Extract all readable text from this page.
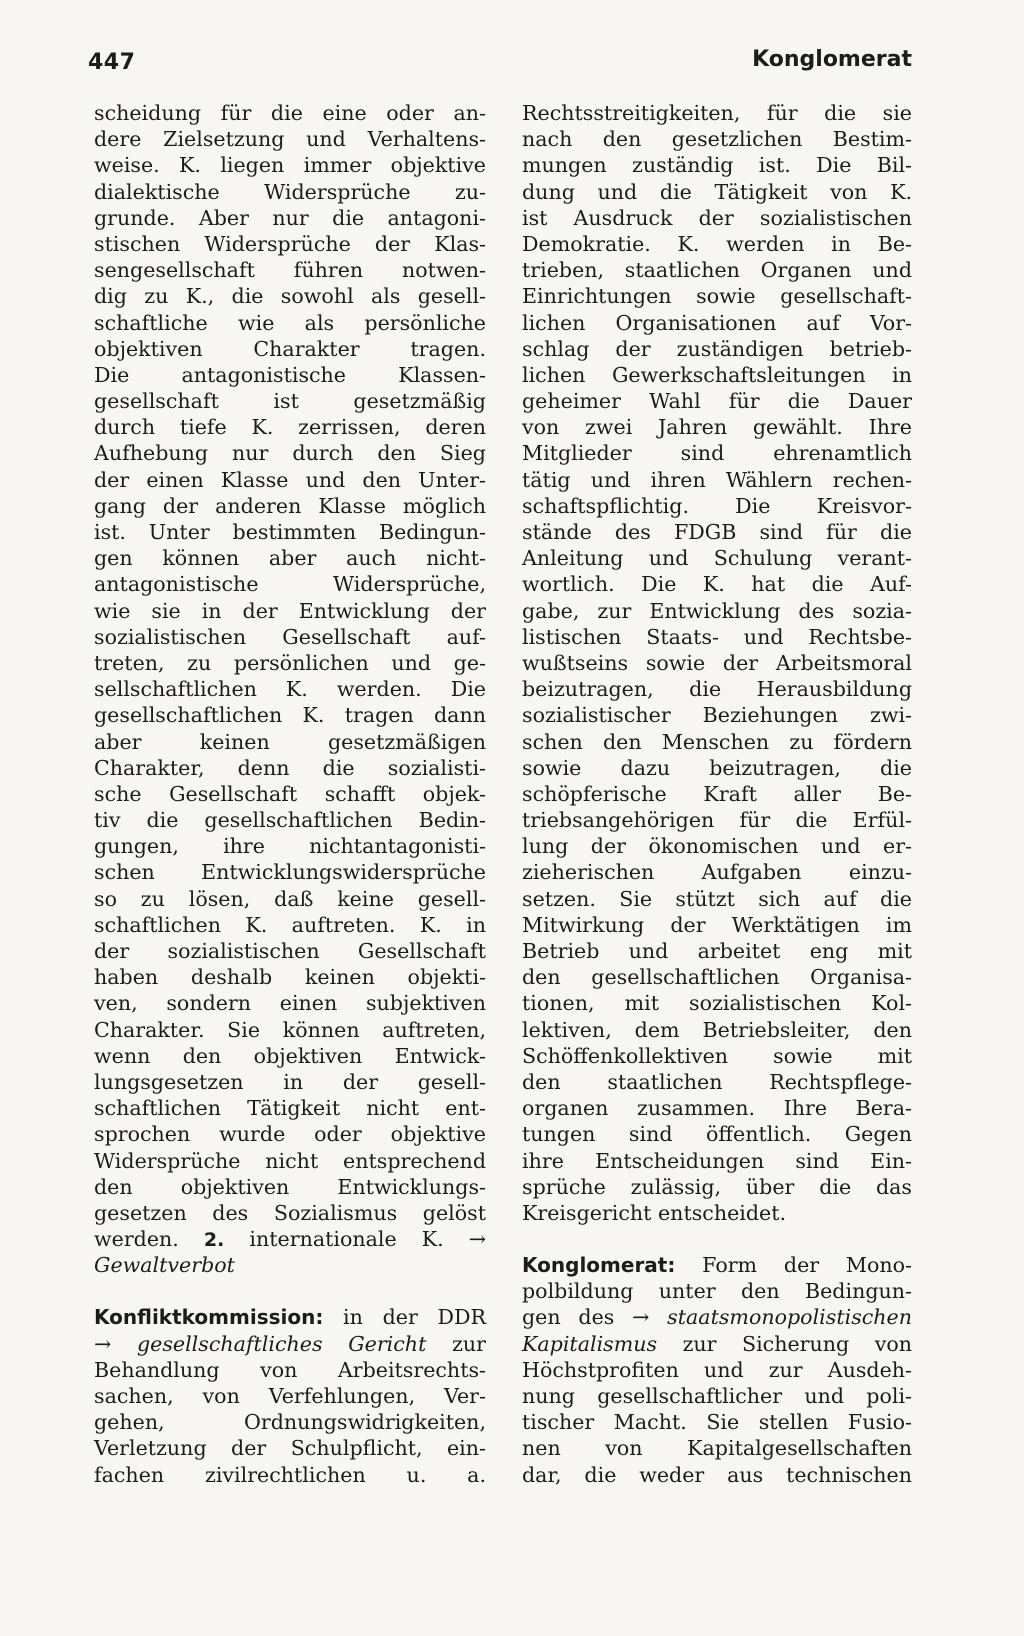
447	Konglomerat
scheidung für die eine oder an-
dere Zielsetzung und Verhaltens-
weise. K. liegen immer objektive
dialektische Widersprüche zu-
grunde. Aber nur die antagoni-
stischen Widersprüche der Klas-
sengesellschaft führen notwen-
dig zu K., die sowohl als gesell-
schaftliche wie als persönliche
objektiven Charakter tragen.
Die antagonistische Klassen-
gesellschaft ist gesetzmäßig
durch tiefe K. zerrissen, deren
Aufhebung nur durch den Sieg
der einen Klasse und den Unter-
gang der anderen Klasse möglich
ist. Unter bestimmten Bedingun-
gen können aber auch nicht-
antagonistische Widersprüche,
wie sie in der Entwicklung der
sozialistischen Gesellschaft auf-
treten, zu persönlichen und ge-
sellschaftlichen K. werden. Die
gesellschaftlichen K. tragen dann
aber keinen gesetzmäßigen
Charakter, denn die sozialisti-
sche Gesellschaft schafft objek-
tiv die gesellschaftlichen Bedin-
gungen, ihre nichtantagonisti-
schen Entwicklungswidersprüche
so zu lösen, daß keine gesell-
schaftlichen K. auftreten. K. in
der sozialistischen Gesellschaft
haben deshalb keinen objekti-
ven, sondern einen subjektiven
Charakter. Sie können auftreten,
wenn den objektiven Entwick-
lungsgesetzen in der gesell-
schaftlichen Tätigkeit nicht ent-
sprochen wurde oder objektive
Widersprüche nicht entsprechend
den objektiven Entwicklungs-
gesetzen des Sozialismus gelöst
werden. 2. internationale K. →
Gewaltverbot
Konfliktkommission: in der DDR
→ gesellschaftliches Gericht zur
Behandlung von Arbeitsrechts-
sachen, von Verfehlungen, Ver-
gehen, Ordnungswidrigkeiten,
Verletzung der Schulpflicht, ein-
fachen zivilrechtlichen u. a.
Rechtsstreitigkeiten, für die sie
nach den gesetzlichen Bestim-
mungen zuständig ist. Die Bil-
dung und die Tätigkeit von K.
ist Ausdruck der sozialistischen
Demokratie. K. werden in Be-
trieben, staatlichen Organen und
Einrichtungen sowie gesellschaft-
lichen Organisationen auf Vor-
schlag der zuständigen betrieb-
lichen Gewerkschaftsleitungen in
geheimer Wahl für die Dauer
von zwei Jahren gewählt. Ihre
Mitglieder sind ehrenamtlich
tätig und ihren Wählern rechen-
schaftspflichtig. Die Kreisvor-
stände des FDGB sind für die
Anleitung und Schulung verant-
wortlich. Die K. hat die Auf-
gabe, zur Entwicklung des sozia-
listischen Staats- und Rechtsbe-
wußtseins sowie der Arbeitsmoral
beizutragen, die Herausbildung
sozialistischer Beziehungen zwi-
schen den Menschen zu fördern
sowie dazu beizutragen, die
schöpferische Kraft aller Be-
triebsangehörigen für die Erfül-
lung der ökonomischen und er-
zieherischen Aufgaben einzu-
setzen. Sie stützt sich auf die
Mitwirkung der Werktätigen im
Betrieb und arbeitet eng mit
den gesellschaftlichen Organisa-
tionen, mit sozialistischen Kol-
lektiven, dem Betriebsleiter, den
Schöffenkollektiven sowie mit
den staatlichen Rechtspflege-
organen zusammen. Ihre Bera-
tungen sind öffentlich. Gegen
ihre Entscheidungen sind Ein-
sprüche zulässig, über die das
Kreisgericht entscheidet.
Konglomerat: Form der Mono-
polbildung unter den Bedingun-
gen des → staatsmonopolistischen
Kapitalismus zur Sicherung von
Höchstprofiten und zur Ausdeh-
nung gesellschaftlicher und poli-
tischer Macht. Sie stellen Fusio-
nen von Kapitalgesellschaften
dar, die weder aus technischen
